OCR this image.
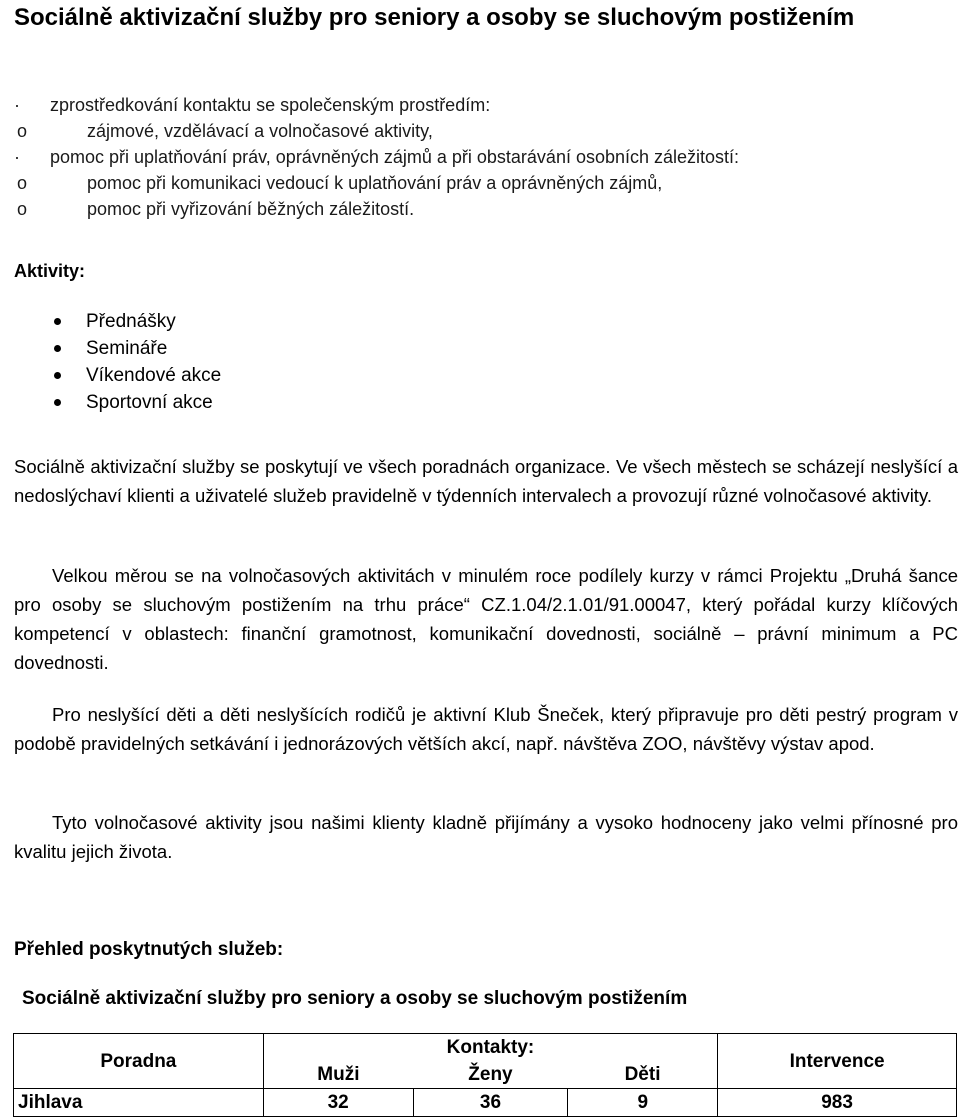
Sociálně aktivizační služby pro seniory a osoby se sluchovým postižením
· zprostředkování kontaktu se společenským prostředím:
o	zájmové, vzdělávací a volnočasové aktivity,
· pomoc při uplatňování práv, oprávněných zájmů a při obstarávání osobních záležitostí:
o	pomoc při komunikaci vedoucí k uplatňování práv a oprávněných zájmů,
o	pomoc při vyřizování běžných záležitostí.
Aktivity:
Přednášky
Semináře
Víkendové akce
Sportovní akce

Sociálně aktivizační služby se poskytují ve všech poradnách organizace. Ve všech městech se scházejí neslyšící a nedoslýchaví klienti a uživatelé služeb pravidelně v týdenních intervalech a provozují různé volnočasové aktivity.

Velkou měrou se na volnočasových aktivitách v minulém roce podílely kurzy v rámci Projektu „Druhá šance pro osoby se sluchovým postižením na trhu práce“ CZ.1.04/2.1.01/91.00047, který pořádal kurzy klíčových kompetencí v oblastech: finanční gramotnost, komunikační dovednosti, sociálně – právní minimum a PC dovednosti.

Pro neslyšící děti a děti neslyšících rodičů je aktivní Klub Šneček, který připravuje pro děti pestrý program v podobě pravidelných setkávání i jednorázových větších akcí, např. návštěva ZOO, návštěvy výstav apod.

Tyto volnočasové aktivity jsou našimi klienty kladně přijímány a vysoko hodnoceny jako velmi přínosné pro kvalitu jejich života.

Přehled poskytnutých služeb:
Sociálně aktivizační služby pro seniory a osoby se sluchovým postižením
Poradna	Kontakty:			Intervence
	Muži	Ženy	Děti	
Jihlava	32	36	9	983
